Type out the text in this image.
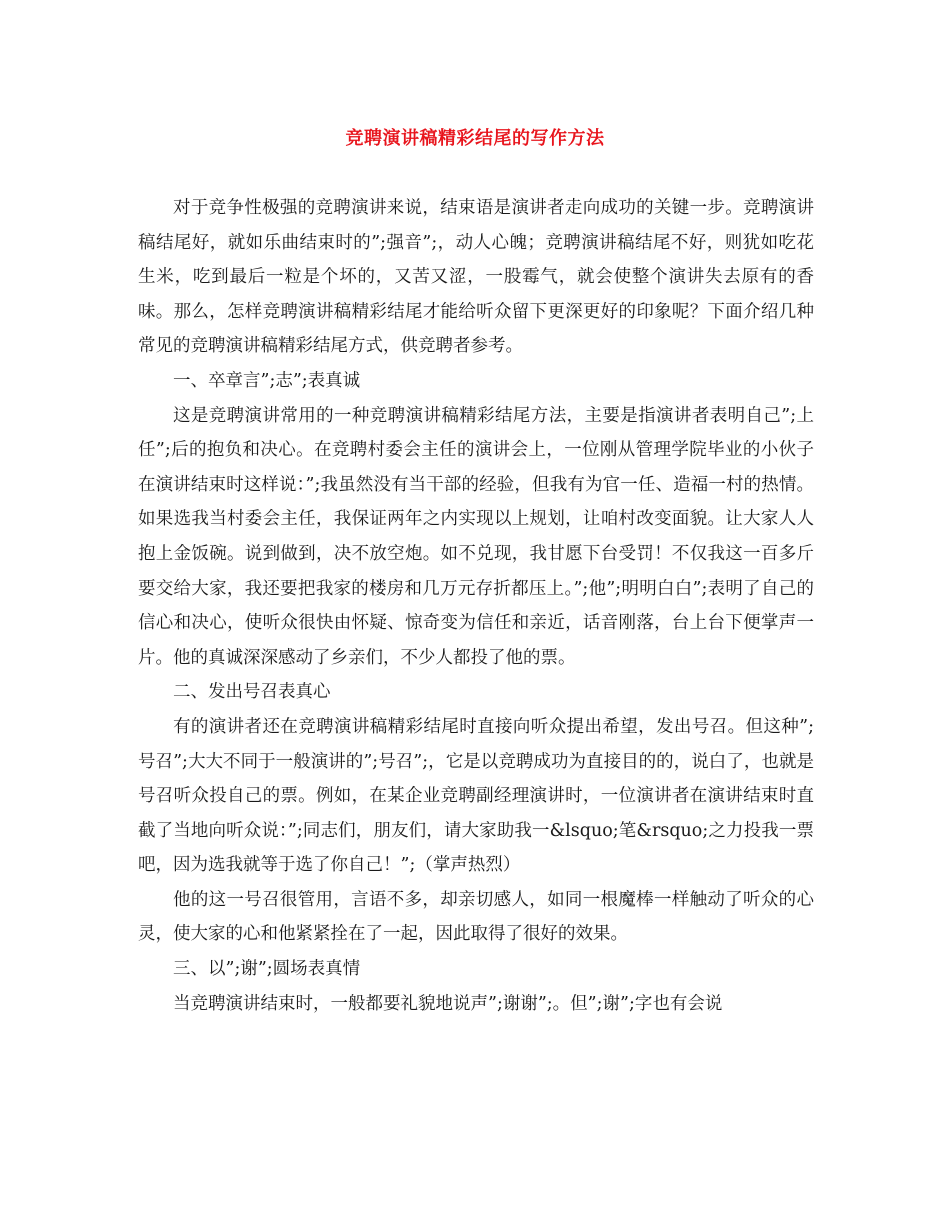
竞聘演讲稿精彩结尾的写作方法

对于竞争性极强的竞聘演讲来说，结束语是演讲者走向成功的关键一步。竞聘演讲稿结尾好，就如乐曲结束时的”;强音”;，动人心魄；竞聘演讲稿结尾不好，则犹如吃花生米，吃到最后一粒是个坏的，又苦又涩，一股霉气，就会使整个演讲失去原有的香味。那么，怎样竞聘演讲稿精彩结尾才能给听众留下更深更好的印象呢？下面介绍几种常见的竞聘演讲稿精彩结尾方式，供竞聘者参考。

一、卒章言”;志”;表真诚

这是竞聘演讲常用的一种竞聘演讲稿精彩结尾方法，主要是指演讲者表明自己”;上任”;后的抱负和决心。在竞聘村委会主任的演讲会上，一位刚从管理学院毕业的小伙子在演讲结束时这样说：”;我虽然没有当干部的经验，但我有为官一任、造福一村的热情。如果选我当村委会主任，我保证两年之内实现以上规划，让咱村改变面貌。让大家人人抱上金饭碗。说到做到，决不放空炮。如不兑现，我甘愿下台受罚！不仅我这一百多斤要交给大家，我还要把我家的楼房和几万元存折都压上。”;他”;明明白白”;表明了自己的信心和决心，使听众很快由怀疑、惊奇变为信任和亲近，话音刚落，台上台下便掌声一片。他的真诚深深感动了乡亲们，不少人都投了他的票。

二、发出号召表真心

有的演讲者还在竞聘演讲稿精彩结尾时直接向听众提出希望，发出号召。但这种”;号召”;大大不同于一般演讲的”;号召”;，它是以竞聘成功为直接目的的，说白了，也就是号召听众投自己的票。例如，在某企业竞聘副经理演讲时，一位演讲者在演讲结束时直截了当地向听众说：”;同志们，朋友们，请大家助我一&lsquo;笔&rsquo;之力投我一票吧，因为选我就等于选了你自己！”;（掌声热烈）

他的这一号召很管用，言语不多，却亲切感人，如同一根魔棒一样触动了听众的心灵，使大家的心和他紧紧拴在了一起，因此取得了很好的效果。

三、以”;谢”;圆场表真情

当竞聘演讲结束时，一般都要礼貌地说声”;谢谢”;。但”;谢”;字也有会说
